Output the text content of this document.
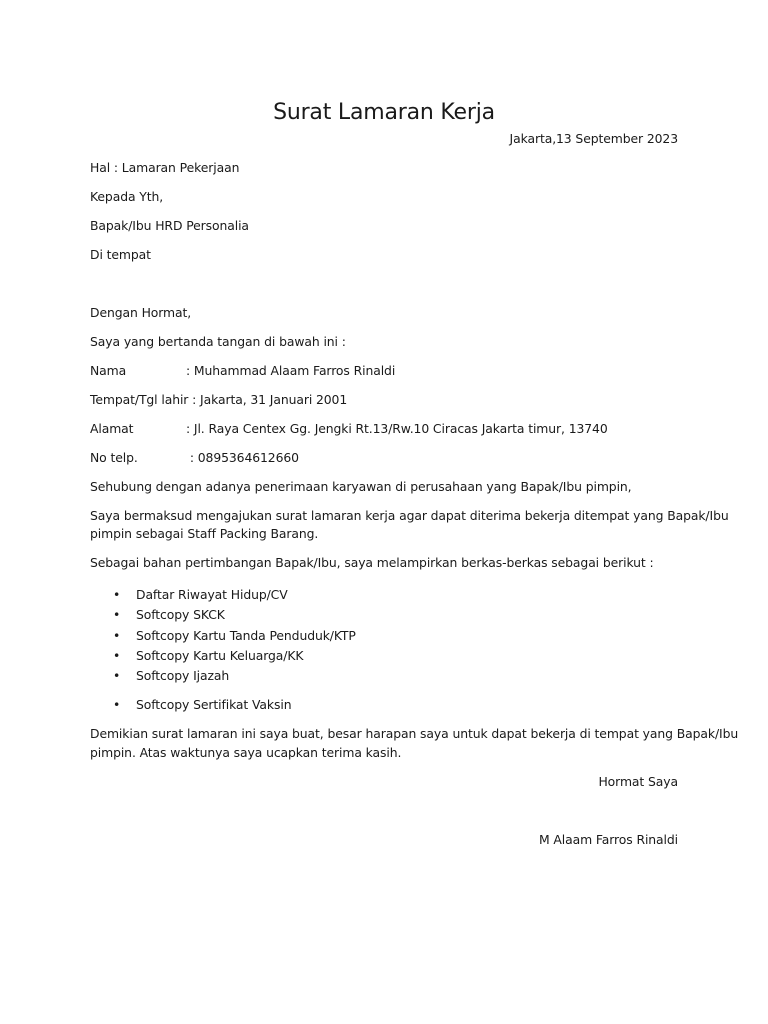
Surat Lamaran Kerja
Jakarta,13 September 2023
Hal : Lamaran Pekerjaan
Kepada Yth,
Bapak/Ibu HRD Personalia
Di tempat
Dengan Hormat,
Saya yang bertanda tangan di bawah ini :
Nama	: Muhammad Alaam Farros Rinaldi
Tempat/Tgl lahir : Jakarta, 31 Januari 2001
Alamat	: Jl. Raya Centex Gg. Jengki Rt.13/Rw.10 Ciracas Jakarta timur, 13740
No telp.	: 0895364612660
Sehubung dengan adanya penerimaan karyawan di perusahaan yang Bapak/Ibu pimpin,
Saya bermaksud mengajukan surat lamaran kerja agar dapat diterima bekerja ditempat yang Bapak/Ibu
pimpin sebagai Staff Packing Barang.
Sebagai bahan pertimbangan Bapak/Ibu, saya melampirkan berkas-berkas sebagai berikut :
• Daftar Riwayat Hidup/CV
• Softcopy SKCK
• Softcopy Kartu Tanda Penduduk/KTP
• Softcopy Kartu Keluarga/KK
• Softcopy Ijazah
• Softcopy Sertifikat Vaksin
Demikian surat lamaran ini saya buat, besar harapan saya untuk dapat bekerja di tempat yang Bapak/Ibu
pimpin. Atas waktunya saya ucapkan terima kasih.
Hormat Saya
M Alaam Farros Rinaldi
